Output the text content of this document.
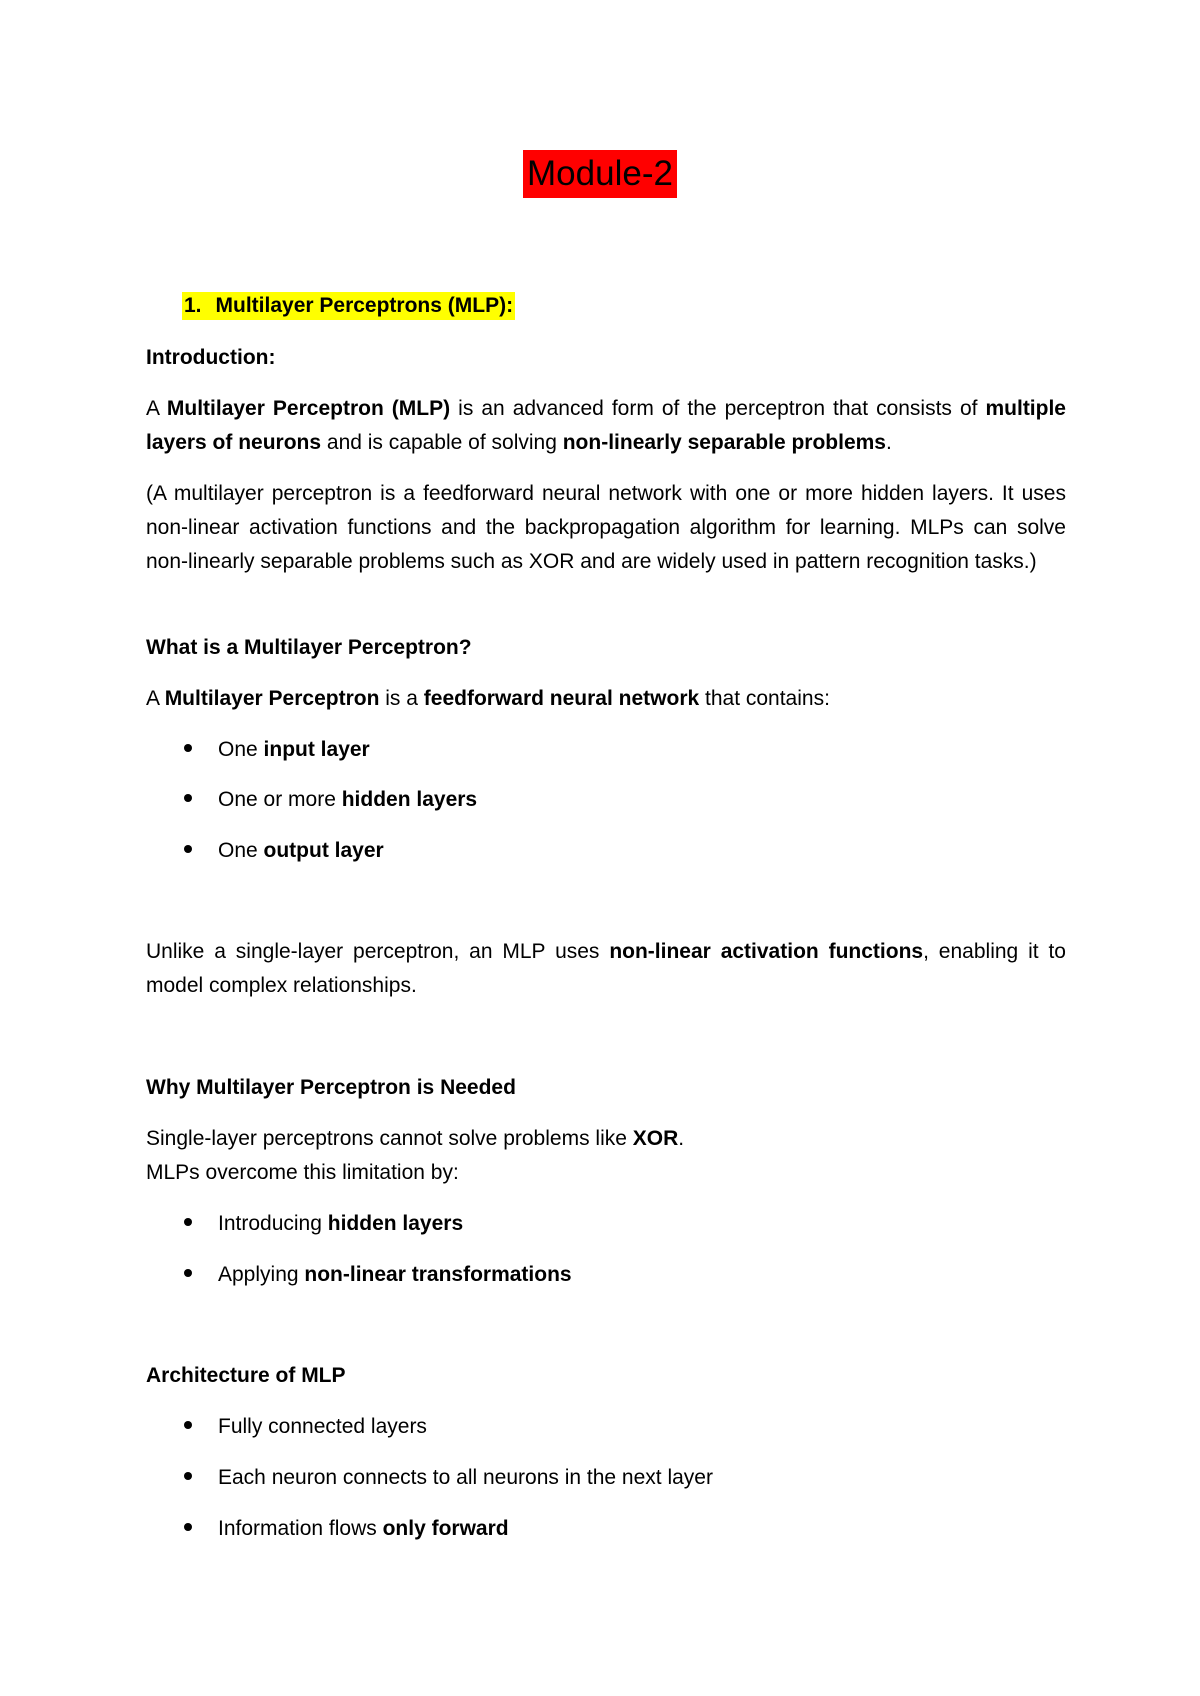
Module-2
1. Multilayer Perceptrons (MLP):

Introduction:

A Multilayer Perceptron (MLP) is an advanced form of the perceptron that consists of multiple layers of neurons and is capable of solving non-linearly separable problems.

(A multilayer perceptron is a feedforward neural network with one or more hidden layers. It uses non-linear activation functions and the backpropagation algorithm for learning. MLPs can solve non-linearly separable problems such as XOR and are widely used in pattern recognition tasks.)

What is a Multilayer Perceptron?

A Multilayer Perceptron is a feedforward neural network that contains:

One input layer
One or more hidden layers
One output layer

Unlike a single-layer perceptron, an MLP uses non-linear activation functions, enabling it to model complex relationships.

Why Multilayer Perceptron is Needed

Single-layer perceptrons cannot solve problems like XOR.

MLPs overcome this limitation by:

Introducing hidden layers
Applying non-linear transformations

Architecture of MLP

Fully connected layers
Each neuron connects to all neurons in the next layer
Information flows only forward
